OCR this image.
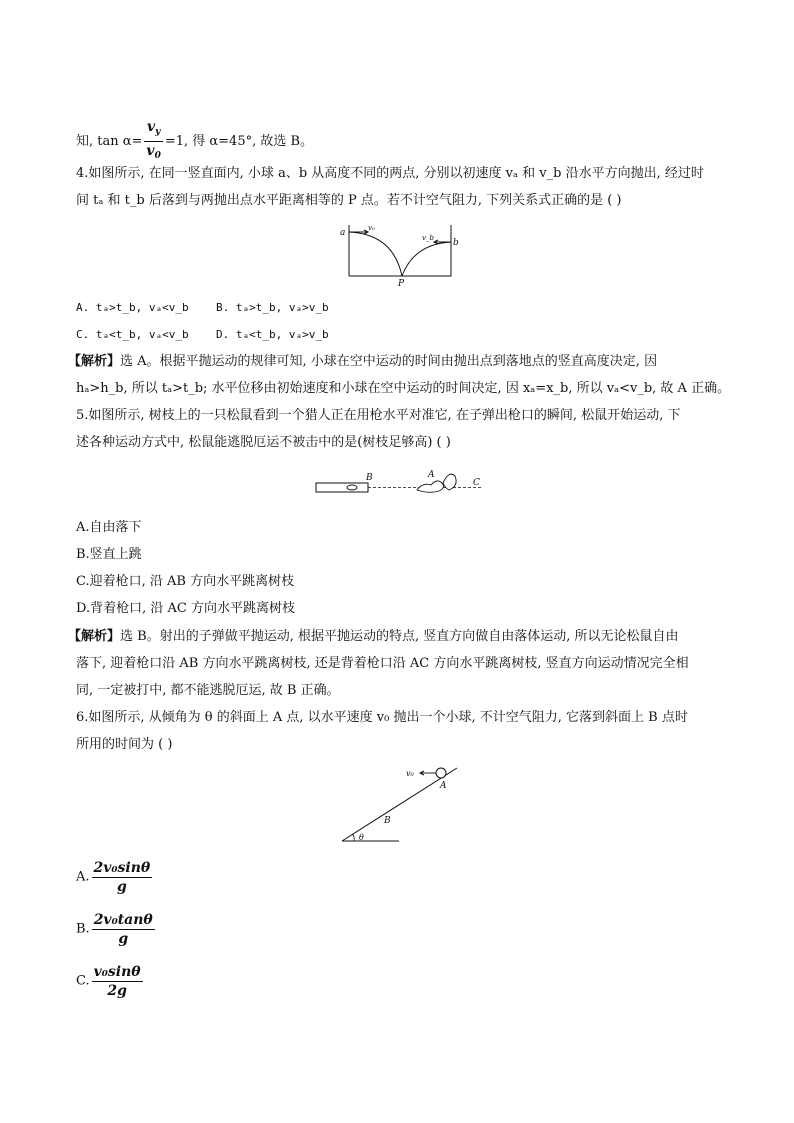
知, $\tan \alpha= \frac{v_y}{v_0} =1$, 得 α=45°, 故选 B。
4.如图所示, 在同一竖直面内, 小球 a、b 从高度不同的两点, 分别以初速度 vₐ 和 v_b 沿水平方向抛出, 经过时
间 tₐ 和 t_b 后落到与两抛出点水平距离相等的 P 点。若不计空气阻力, 下列关系式正确的是 ( )
a	v₀
b
v_b
P
A. tₐ>t_b, vₐ<v_b B. tₐ>t_b, vₐ>v_b
C. tₐ<t_b, vₐ<v_b D. tₐ<t_b, vₐ>v_b
【解析】选 A。根据平抛运动的规律可知, 小球在空中运动的时间由抛出点到落地点的竖直高度决定, 因
hₐ>h_b, 所以 tₐ>t_b; 水平位移由初始速度和小球在空中运动的时间决定, 因 xₐ=x_b, 所以 vₐ<v_b, 故 A 正确。
5.如图所示, 树枝上的一只松鼠看到一个猎人正在用枪水平对准它, 在子弹出枪口的瞬间, 松鼠开始运动, 下
述各种运动方式中, 松鼠能逃脱厄运不被击中的是(树枝足够高) ( )
B	A
C
A.自由落下
B.竖直上跳
C.迎着枪口, 沿 AB 方向水平跳离树枝
D.背着枪口, 沿 AC 方向水平跳离树枝
【解析】选 B。射出的子弹做平抛运动, 根据平抛运动的特点, 竖直方向做自由落体运动, 所以无论松鼠自由
落下, 迎着枪口沿 AB 方向水平跳离树枝, 还是背着枪口沿 AC 方向水平跳离树枝, 竖直方向运动情况完全相
同, 一定被打中, 都不能逃脱厄运, 故 B 正确。
6.如图所示, 从倾角为 θ 的斜面上 A 点, 以水平速度 v₀ 抛出一个小球, 不计空气阻力, 它落到斜面上 B 点时
所用的时间为 ( )
v₀
A
B
θ
A. $\frac{\text{2v₀sinθ}}{g}$
B. $\frac{\text{2v₀tanθ}}{g}$
C. $\frac{\text{v₀sinθ}}{2g}$
